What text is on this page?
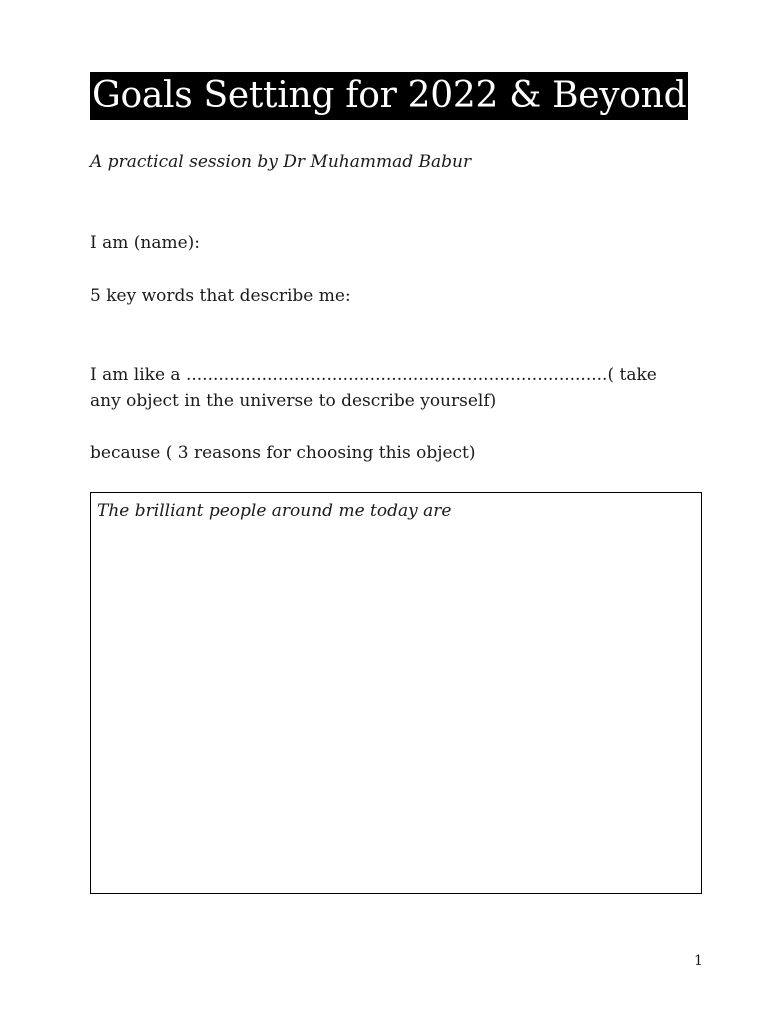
Goals Setting for 2022 & Beyond
A practical session by Dr Muhammad Babur
I am (name):
5 key words that describe me:
I am like a ..............................................................................( take any object in the universe to describe yourself)
because ( 3 reasons for choosing this object)
The brilliant people around me today are
1
